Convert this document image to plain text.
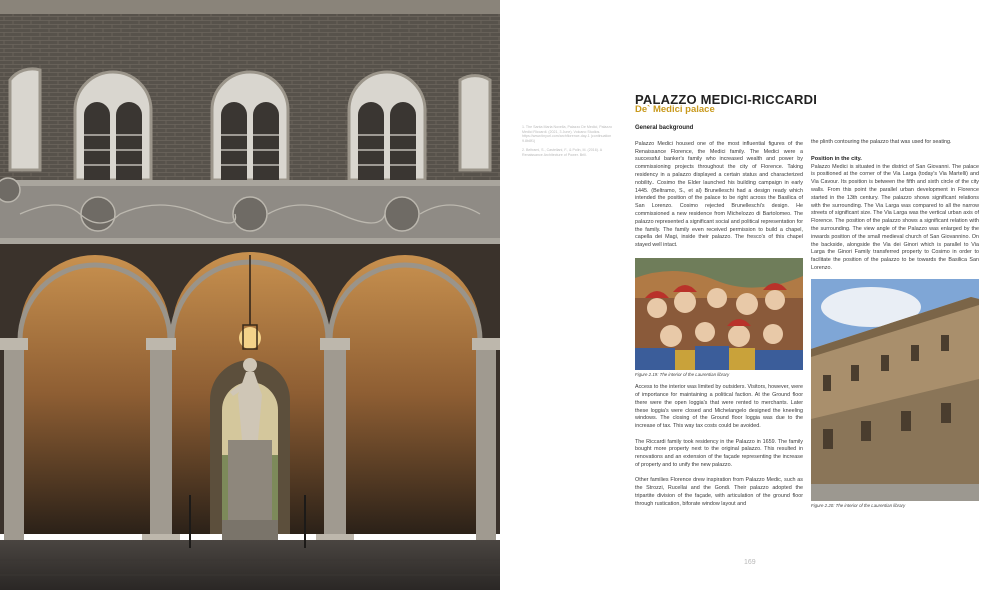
1. The Santa Maria Novella, Palazzo De Medici, Palazzo Medici Riccardi. (2021, 3 June). Volcano Studios. https://www.tinyurl.com/archflorence-day-1 (continuation 9.8b8f1)

2. Beltrami, S., Castellani, F., & Polin, M. (2016). A Renaissance Architecture of Power. Brill.

PALAZZO MEDICI-RICCARDI
De` Medici palace
General background

Palazzo Medici housed one of the most influential figures of the Renaissance Florence, the Medici family. The Medici were a successful banker's family who increased wealth and power by commissioning projects throughout the city of Florence. Taking residency in a palazzo displayed a certain status and characterized nobility.. Cosimo the Elder launched his building campaign in early 1445. (Beltramo, S., et al) Brunelleschi had a design ready which intended the position of the palace to be right across the Basilica of San Lorenzo. Cosimo rejected Brunelleschi's design. He commissioned a new residence from Michelozzo di Bartolomeo. The palazzo represented a significant social and political representation for the family. The family even received permission to build a chapel, capella dei Magi, inside their palazzo. The fresco's of this chapel stayed well intact.

Figure 2.19: The interior of the Laurentian library

Access to the interior was limited by outsiders. Visitors, however, were of importance for maintaining a political faction. At the Ground floor there were the open loggia's that were rented to merchants. Later these loggia's were closed and Michelangelo designed the kneeling windows. The closing of the Ground floor loggia was due to the increase of tax. This way tax costs could be avoided.

The Riccardi family took residency in the Palazzo in 1659. The family bought more property next to the original palazzo. This resulted in renovations and an extension of the façade representing the increase of property and to unify the new palazzo.

Other families Florence drew inspiration from Palazzo Medic, such as the Strozzi, Rucellai and the Gondi. Their palazzo adopted the tripartite division of the façade, with articulation of the ground floor through rustication, biforate window layout and

the plinth contouring the palazzo that was used for seating.

Position in the city.

Palazzo Medici is situated in the district of San Giovanni. The palace is positioned at the corner of the Via Larga (today's Via Martelli) and Via Cavour. Its position is between the fifth and sixth circle of the city walls. From this point the parallel urban development in Florence started in the 13th century. The palazzo shows significant relations with the surrounding. The Via Larga was compared to all the narrow streets of significant size. The Via Larga was the vertical urban axis of Florence. The position of the palazzo shows a significant relation with the surrounding. The view angle of the Palazzo was enlarged by the inwards position of the small medieval church of San Giovannino. On the backside, alongside the Via dei Ginori which is parallel to Via Larga the Ginori Family transferred property to Cosimo in order to facilitate the position of the palazzo to be towards the Basilica San Lorenzo.

Figure 2.20: The interior of the Laurentian library

169
